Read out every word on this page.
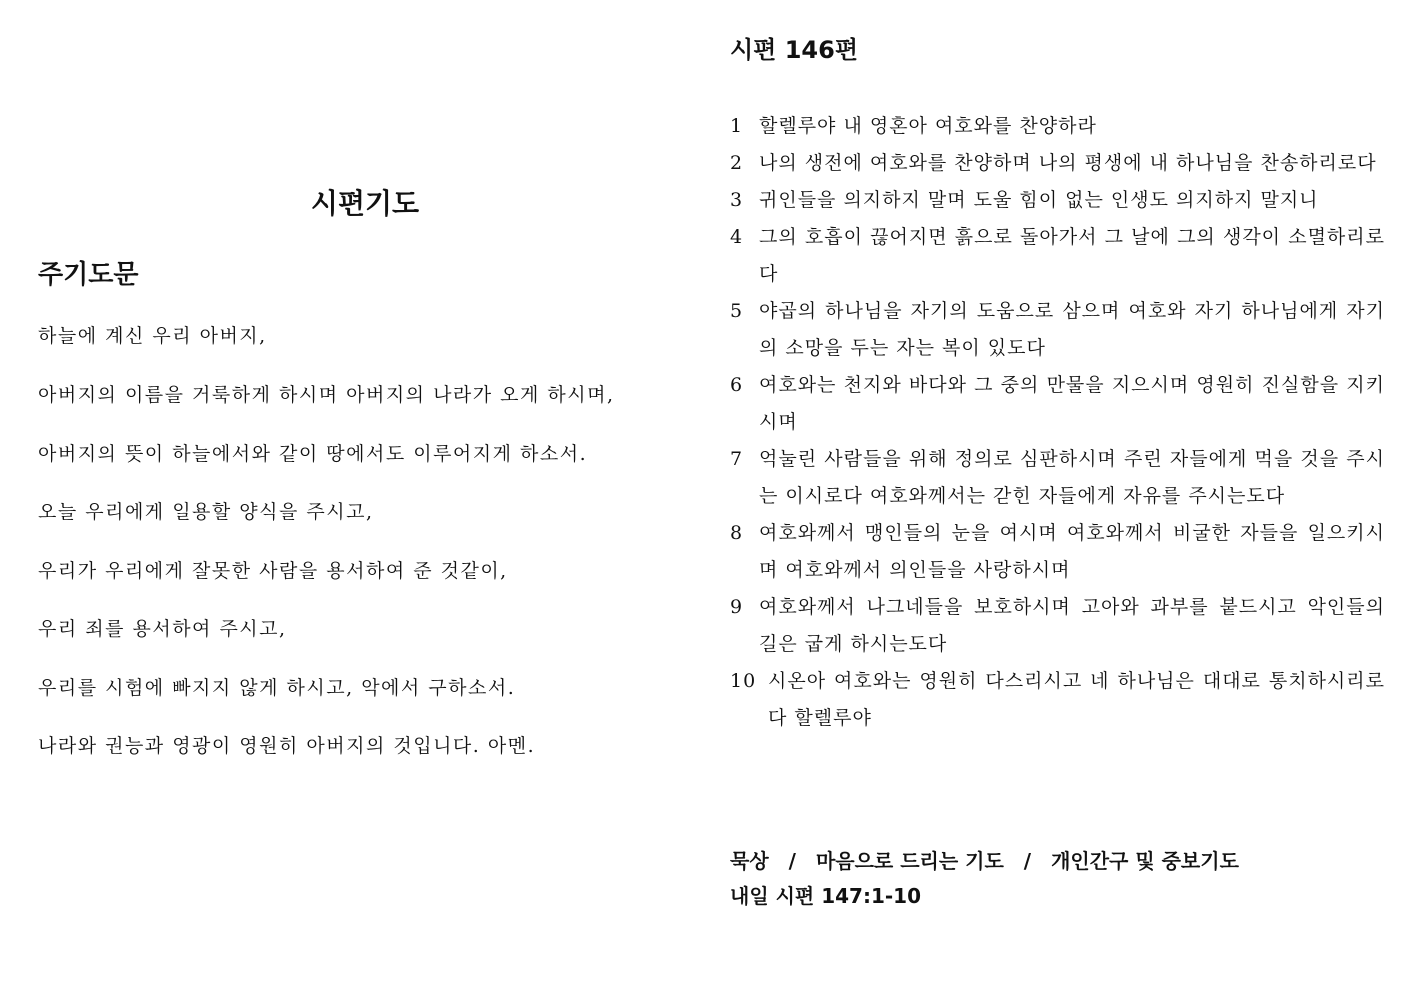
시편기도
주기도문
하늘에 계신 우리 아버지,
아버지의 이름을 거룩하게 하시며 아버지의 나라가 오게 하시며,
아버지의 뜻이 하늘에서와 같이 땅에서도 이루어지게 하소서.
오늘 우리에게 일용할 양식을 주시고,
우리가 우리에게 잘못한 사람을 용서하여 준 것같이,
우리 죄를 용서하여 주시고,
우리를 시험에 빠지지 않게 하시고, 악에서 구하소서.
나라와 권능과 영광이 영원히 아버지의 것입니다. 아멘.
시편 146편
1 할렐루야 내 영혼아 여호와를 찬양하라
2 나의 생전에 여호와를 찬양하며 나의 평생에 내 하나님을 찬송하리로다
3 귀인들을 의지하지 말며 도울 힘이 없는 인생도 의지하지 말지니
4 그의 호흡이 끊어지면 흙으로 돌아가서 그 날에 그의 생각이 소멸하리로다
5 야곱의 하나님을 자기의 도움으로 삼으며 여호와 자기 하나님에게 자기의 소망을 두는 자는 복이 있도다
6 여호와는 천지와 바다와 그 중의 만물을 지으시며 영원히 진실함을 지키시며
7 억눌린 사람들을 위해 정의로 심판하시며 주린 자들에게 먹을 것을 주시는 이시로다 여호와께서는 갇힌 자들에게 자유를 주시는도다
8 여호와께서 맹인들의 눈을 여시며 여호와께서 비굴한 자들을 일으키시며 여호와께서 의인들을 사랑하시며
9 여호와께서 나그네들을 보호하시며 고아와 과부를 붙드시고 악인들의 길은 굽게 하시는도다
10 시온아 여호와는 영원히 다스리시고 네 하나님은 대대로 통치하시리로다 할렐루야
묵상 / 마음으로 드리는 기도 / 개인간구 및 중보기도
내일 시편 147:1-10
